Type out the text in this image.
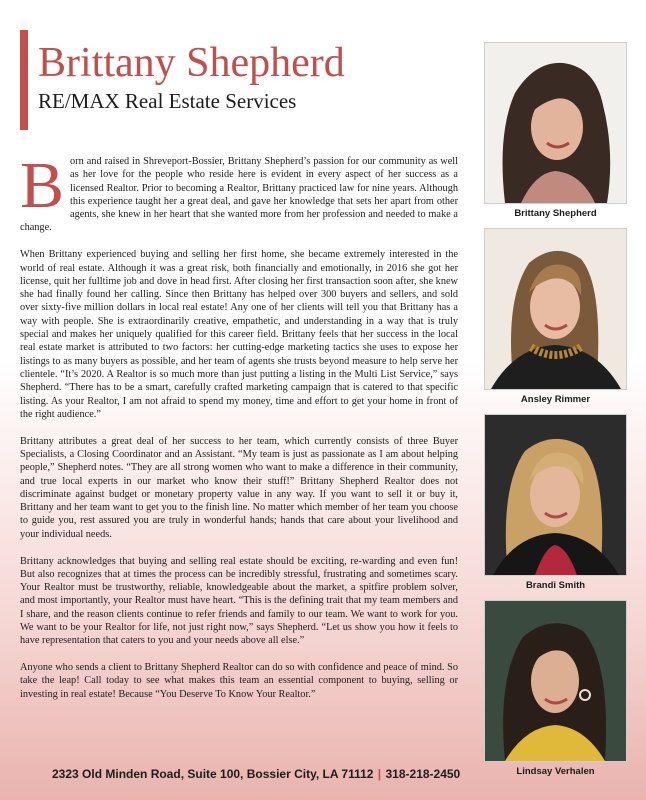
Brittany Shepherd
RE/MAX Real Estate Services

Born and raised in Shreveport-Bossier, Brittany Shepherd’s passion for our community as well as her love for the people who reside here is evident in every aspect of her success as a licensed Realtor. Prior to becoming a Realtor, Brittany practiced law for nine years. Although this experience taught her a great deal, and gave her knowledge that sets her apart from other agents, she knew in her heart that she wanted more from her profession and needed to make a change.

When Brittany experienced buying and selling her first home, she became extremely interested in the world of real estate. Although it was a great risk, both financially and emotionally, in 2016 she got her license, quit her fulltime job and dove in head first. After closing her first transaction soon after, she knew she had finally found her calling. Since then Brittany has helped over 300 buyers and sellers, and sold over sixty-five million dollars in local real estate! Any one of her clients will tell you that Brittany has a way with people. She is extraordinarily creative, empathetic, and understanding in a way that is truly special and makes her uniquely qualified for this career field. Brittany feels that her success in the local real estate market is attributed to two factors: her cutting-edge marketing tactics she uses to expose her listings to as many buyers as possible, and her team of agents she trusts beyond measure to help serve her clientele. “It’s 2020. A Realtor is so much more than just putting a listing in the Multi List Service,” says Shepherd. “There has to be a smart, carefully crafted marketing campaign that is catered to that specific listing. As your Realtor, I am not afraid to spend my money, time and effort to get your home in front of the right audience.”

Brittany attributes a great deal of her success to her team, which currently consists of three Buyer Specialists, a Closing Coordinator and an Assistant. “My team is just as passionate as I am about helping people,” Shepherd notes. “They are all strong women who want to make a difference in their community, and true local experts in our market who know their stuff!” Brittany Shepherd Realtor does not discriminate against budget or monetary property value in any way. If you want to sell it or buy it, Brittany and her team want to get you to the finish line. No matter which member of her team you choose to guide you, rest assured you are truly in wonderful hands; hands that care about your livelihood and your individual needs.

Brittany acknowledges that buying and selling real estate should be exciting, re-warding and even fun! But also recognizes that at times the process can be incredibly stressful, frustrating and sometimes scary. Your Realtor must be trustworthy, reliable, knowledgeable about the market, a spitfire problem solver, and most importantly, your Realtor must have heart. “This is the defining trait that my team members and I share, and the reason clients continue to refer friends and family to our team. We want to work for you. We want to be your Realtor for life, not just right now,” says Shepherd. “Let us show you how it feels to have representation that caters to you and your needs above all else.”

Anyone who sends a client to Brittany Shepherd Realtor can do so with confidence and peace of mind. So take the leap! Call today to see what makes this team an essential component to buying, selling or investing in real estate! Because “You Deserve To Know Your Realtor.”

Brittany Shepherd
Ansley Rimmer
Brandi Smith
Lindsay Verhalen
2323 Old Minden Road, Suite 100, Bossier City, LA 71112 | 318-218-2450
